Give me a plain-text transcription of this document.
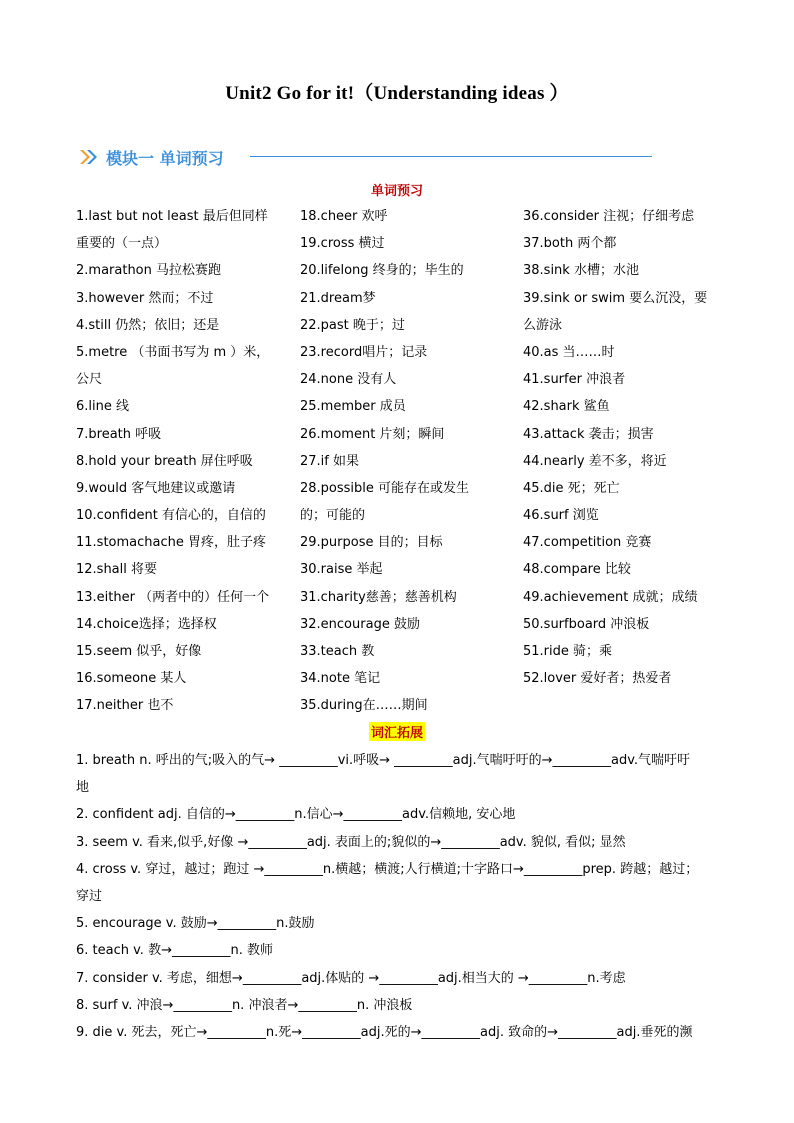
Unit2 Go for it!（Understanding ideas ）
模块一 单词预习
单词预习
1.last but not least 最后但同样
重要的（一点）
2.marathon 马拉松赛跑
3.however 然而；不过
4.still 仍然；依旧；还是
5.metre （书面书写为 m ）米，
公尺
6.line 线
7.breath 呼吸
8.hold your breath 屏住呼吸
9.would 客气地建议或邀请
10.confident 有信心的，自信的
11.stomachache 胃疼，肚子疼
12.shall 将要
13.either （两者中的）任何一个
14.choice选择；选择权
15.seem 似乎，好像
16.someone 某人
17.neither 也不
18.cheer 欢呼
19.cross 横过
20.lifelong 终身的；毕生的
21.dream梦
22.past 晚于；过
23.record唱片；记录
24.none 没有人
25.member 成员
26.moment 片刻；瞬间
27.if 如果
28.possible 可能存在或发生
的；可能的
29.purpose 目的；目标
30.raise 举起
31.charity慈善；慈善机构
32.encourage 鼓励
33.teach 教
34.note 笔记
35.during在……期间
36.consider 注视；仔细考虑
37.both 两个都
38.sink 水槽；水池
39.sink or swim 要么沉没，要
么游泳
40.as 当……时
41.surfer 冲浪者
42.shark 鲨鱼
43.attack 袭击；损害
44.nearly 差不多，将近
45.die 死；死亡
46.surf 浏览
47.competition 竞赛
48.compare 比较
49.achievement 成就；成绩
50.surfboard 冲浪板
51.ride 骑；乘
52.lover 爱好者；热爱者
词汇拓展
1. breath n. 呼出的气;吸入的气→ _________vi.呼吸→ _________adj.气喘吁吁的→_________adv.气喘吁吁
地
2. confident adj. 自信的→_________n.信心→_________adv.信赖地, 安心地
3. seem v. 看来,似乎,好像 →_________adj. 表面上的;貌似的→_________adv. 貌似, 看似; 显然
4. cross v. 穿过，越过；跑过 →_________n.横越；横渡;人行横道;十字路口→_________prep. 跨越；越过；
穿过
5. encourage v. 鼓励→_________n.鼓励
6. teach v. 教→_________n. 教师
7. consider v. 考虑，细想→_________adj.体贴的 →_________adj.相当大的 →_________n.考虑
8. surf v. 冲浪→_________n. 冲浪者→_________n. 冲浪板
9. die v. 死去，死亡→_________n.死→_________adj.死的→_________adj. 致命的→_________adj.垂死的濒
